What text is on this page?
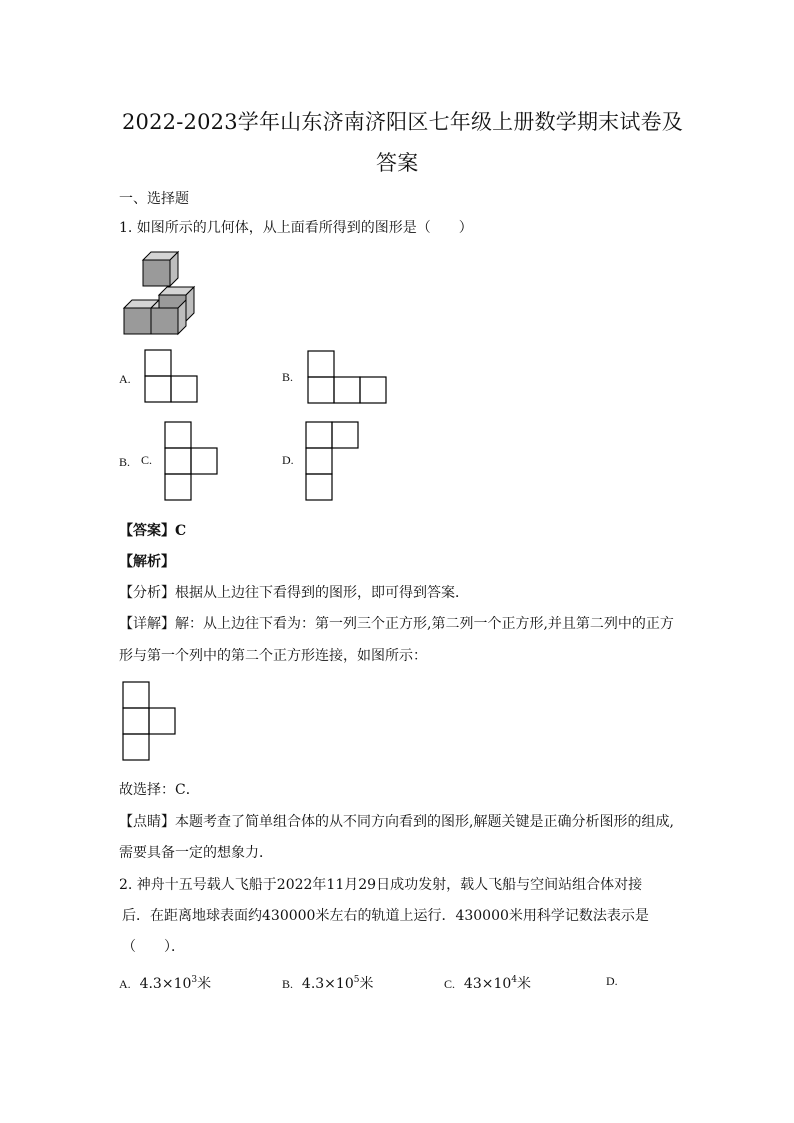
2022-2023学年山东济南济阳区七年级上册数学期末试卷及
答案
一、选择题
1. 如图所示的几何体，从上面看所得到的图形是（　　）
A.	B.
B. C.	D.
【答案】C
【解析】
【分析】根据从上边往下看得到的图形，即可得到答案．
【详解】解：从上边往下看为：第一列三个正方形,第二列一个正方形,并且第二列中的正方
形与第一个列中的第二个正方形连接，如图所示：
故选择：C．
【点睛】本题考查了简单组合体的从不同方向看到的图形,解题关键是正确分析图形的组成,
需要具备一定的想象力．
2. 神舟十五号载人飞船于2022年11月29日成功发射，载人飞船与空间站组合体对接
后．在距离地球表面约430000米左右的轨道上运行．430000米用科学记数法表示是
（　　）．
A. $4.3\times 10^3$米	B. $4.3\times 10^5$米	C. $43\times 10^4$米	D.
